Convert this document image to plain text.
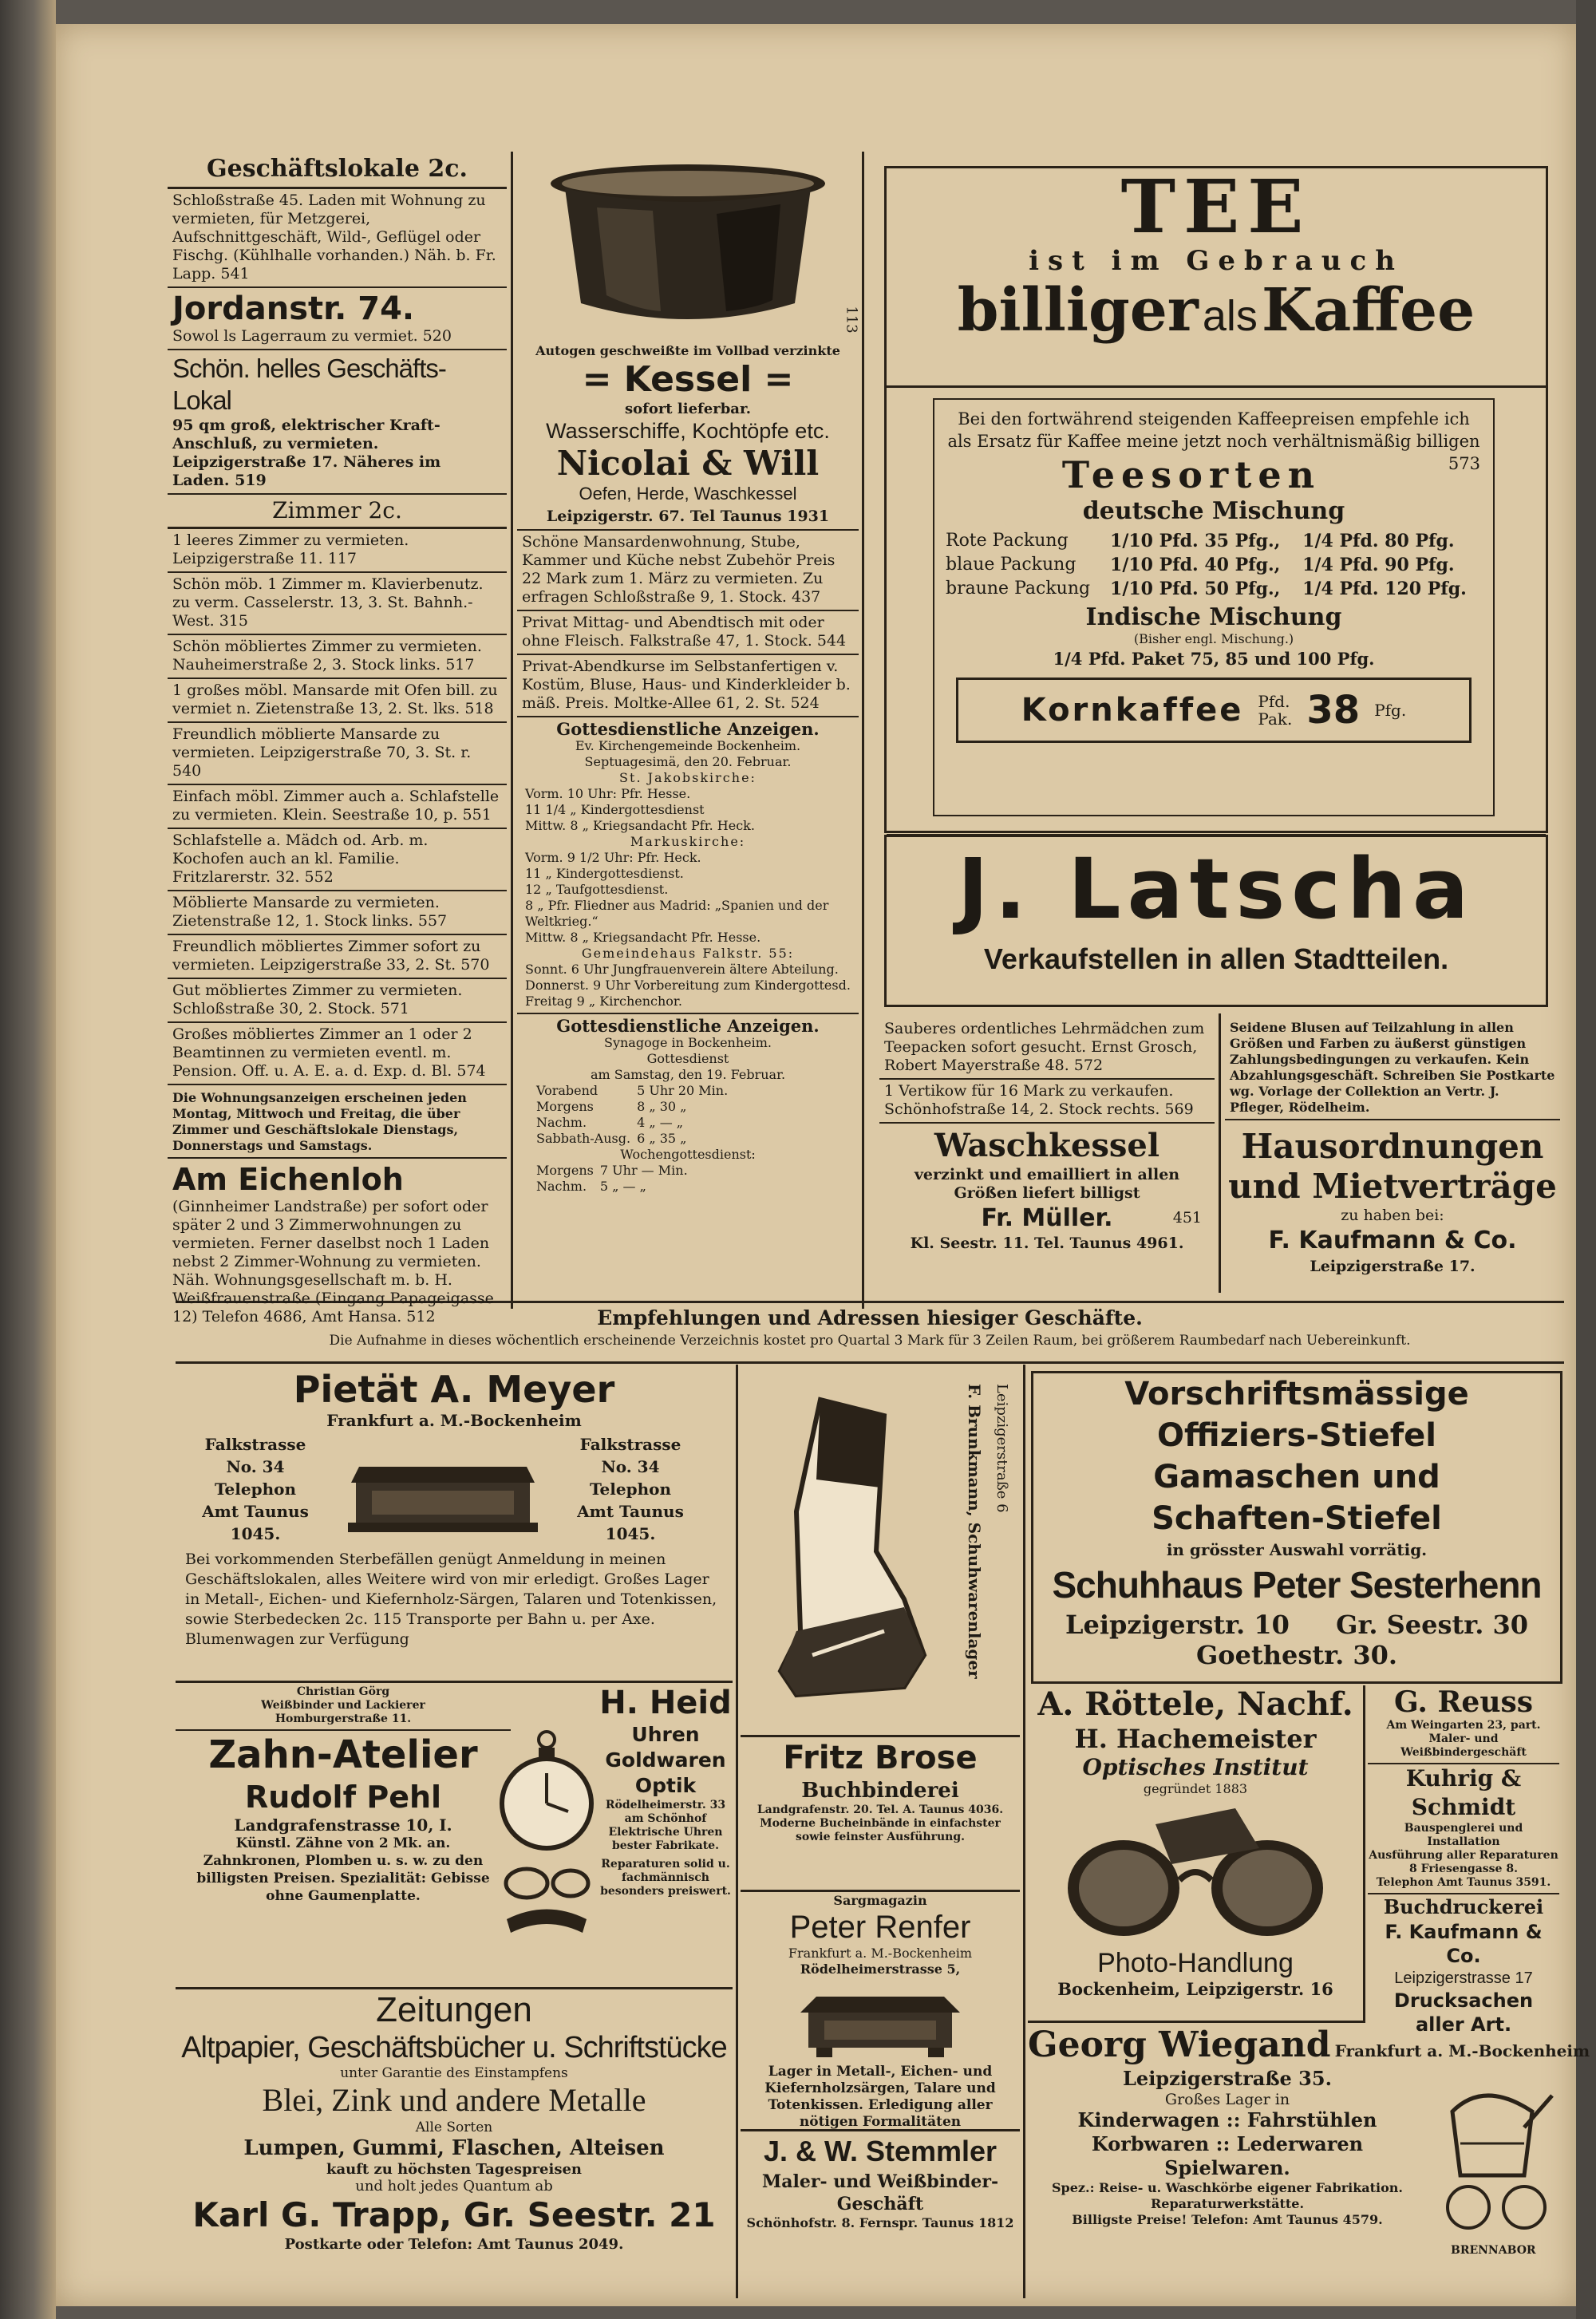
Geschäftslokale 2c.
Schloßstraße 45. Laden mit Wohnung zu vermieten, für Metzgerei, Aufschnittgeschäft, Wild-, Geflügel oder Fischg. (Kühlhalle vorhanden.) Näh. b. Fr. Lapp. 541
Jordanstr. 74.
Sowol ls Lagerraum zu vermiet. 520
Schön. helles Geschäfts-Lokal
95 qm groß, elektrischer Kraft-Anschluß, zu vermieten. Leipzigerstraße 17. Näheres im Laden. 519
Zimmer 2c.
1 leeres Zimmer zu vermieten. Leipzigerstraße 11. 117
Schön möb. 1 Zimmer m. Klavierbenutz. zu verm. Casselerstr. 13, 3. St. Bahnh.-West. 315
Schön möbliertes Zimmer zu vermieten. Nauheimerstraße 2, 3. Stock links. 517
1 großes möbl. Mansarde mit Ofen bill. zu vermiet n. Zietenstraße 13, 2. St. lks. 518
Freundlich möblierte Mansarde zu vermieten. Leipzigerstraße 70, 3. St. r. 540
Einfach möbl. Zimmer auch a. Schlafstelle zu vermieten. Klein. Seestraße 10, p. 551
Schlafstelle a. Mädch od. Arb. m. Kochofen auch an kl. Familie. Fritzlarerstr. 32. 552
Möblierte Mansarde zu vermieten. Zietenstraße 12, 1. Stock links. 557
Freundlich möbliertes Zimmer sofort zu vermieten. Leipzigerstraße 33, 2. St. 570
Gut möbliertes Zimmer zu vermieten. Schloßstraße 30, 2. Stock. 571
Großes möbliertes Zimmer an 1 oder 2 Beamtinnen zu vermieten eventl. m. Pension. Off. u. A. E. a. d. Exp. d. Bl. 574
Die Wohnungsanzeigen erscheinen jeden Montag, Mittwoch und Freitag, die über Zimmer und Geschäftslokale Dienstags, Donnerstags und Samstags.
Am Eichenloh
(Ginnheimer Landstraße) per sofort oder später 2 und 3 Zimmerwohnungen zu vermieten. Ferner daselbst noch 1 Laden nebst 2 Zimmer-Wohnung zu vermieten. Näh. Wohnungsgesellschaft m. b. H. Weißfrauenstraße (Eingang Papageigasse 12) Telefon 4686, Amt Hansa. 512
Autogen geschweißte im Vollbad verzinkte
= Kessel =
sofort lieferbar.
Wasserschiffe, Kochtöpfe etc.
Nicolai & Will
Oefen, Herde, Waschkessel
Leipzigerstr. 67. Tel Taunus 1931
Schöne Mansardenwohnung, Stube, Kammer und Küche nebst Zubehör Preis 22 Mark zum 1. März zu vermieten. Zu erfragen Schloßstraße 9, 1. Stock. 437
Privat Mittag- und Abendtisch mit oder ohne Fleisch. Falkstraße 47, 1. Stock. 544
Privat-Abendkurse im Selbstanfertigen v. Kostüm, Bluse, Haus- und Kinderkleider b. mäß. Preis. Moltke-Allee 61, 2. St. 524
Gottesdienstliche Anzeigen.
Ev. Kirchengemeinde Bockenheim.
Septuagesimä, den 20. Februar.
St. Jakobskirche:
Vorm. 10 Uhr: Pfr. Hesse.
11 1/4 „ Kindergottesdienst
Mittw. 8 „ Kriegsandacht Pfr. Heck.
Markuskirche:
Vorm. 9 1/2 Uhr: Pfr. Heck.
11 „ Kindergottesdienst.
12 „ Taufgottesdienst.
8 „ Pfr. Fliedner aus Madrid: „Spanien und der Weltkrieg.“
Mittw. 8 „ Kriegsandacht Pfr. Hesse.
Gemeindehaus Falkstr. 55:
Sonnt. 6 Uhr Jungfrauenverein ältere Abteilung.
Donnerst. 9 Uhr Vorbereitung zum Kindergottesd.
Freitag 9 „ Kirchenchor.
Gottesdienstliche Anzeigen.
Synagoge in Bockenheim.
Gottesdienst
am Samstag, den 19. Februar.
Vorabend	5 Uhr 20 Min.
Morgens	8 „ 30 „
Nachm.	4 „ — „
Sabbath-Ausg.	6 „ 35 „
Wochengottesdienst:
Morgens	7 Uhr — Min.
Nachm.	5 „ — „
113
TEE
ist im Gebrauch
billiger als Kaffee
Bei den fortwährend steigenden Kaffeepreisen empfehle ich als Ersatz für Kaffee meine jetzt noch verhältnismäßig billigen
573
Teesorten
deutsche Mischung
Rote Packung	1/10 Pfd. 35 Pfg.,	1/4 Pfd. 80 Pfg.
blaue Packung	1/10 Pfd. 40 Pfg.,	1/4 Pfd. 90 Pfg.
braune Packung	1/10 Pfd. 50 Pfg.,	1/4 Pfd. 120 Pfg.
Indische Mischung
(Bisher engl. Mischung.)
1/4 Pfd. Paket 75, 85 und 100 Pfg.
Kornkaffee Pfd.
Pak. 38 Pfg.
J. Latscha
Verkaufstellen in allen Stadtteilen.
Sauberes ordentliches Lehrmädchen zum Teepacken sofort gesucht. Ernst Grosch, Robert Mayerstraße 48. 572
1 Vertikow für 16 Mark zu verkaufen. Schönhofstraße 14, 2. Stock rechts. 569
Waschkessel
verzinkt und emailliert in allen Größen liefert billigst
Fr. Müller.	451
Kl. Seestr. 11. Tel. Taunus 4961.
Seidene Blusen auf Teilzahlung in allen Größen und Farben zu äußerst günstigen Zahlungsbedingungen zu verkaufen. Kein Abzahlungsgeschäft. Schreiben Sie Postkarte wg. Vorlage der Collektion an Vertr. J. Pfleger, Rödelheim.
Hausordnungen und Mietverträge
zu haben bei:
F. Kaufmann & Co.
Leipzigerstraße 17.
Empfehlungen und Adressen hiesiger Geschäfte.
Die Aufnahme in dieses wöchentlich erscheinende Verzeichnis kostet pro Quartal 3 Mark für 3 Zeilen Raum, bei größerem Raumbedarf nach Uebereinkunft.
Pietät A. Meyer
Frankfurt a. M.-Bockenheim
Falkstrasse
No. 34
Telephon
Amt Taunus 1045.
Falkstrasse
No. 34
Telephon
Amt Taunus 1045.
Bei vorkommenden Sterbefällen genügt Anmeldung in meinen Geschäftslokalen, alles Weitere wird von mir erledigt. Großes Lager in Metall-, Eichen- und Kiefernholz-Särgen, Talaren und Totenkissen, sowie Sterbedecken 2c. 115 Transporte per Bahn u. per Axe. Blumenwagen zur Verfügung
Christian Görg
Weißbinder und Lackierer
Homburgerstraße 11.
Zahn-Atelier
Rudolf Pehl
Landgrafenstrasse 10, I.
Künstl. Zähne von 2 Mk. an. Zahnkronen, Plomben u. s. w. zu den billigsten Preisen. Spezialität: Gebisse ohne Gaumenplatte.
H. Heid
Uhren
Goldwaren
Optik
Rödelheimerstr. 33 am Schönhof
Elektrische Uhren bester Fabrikate.
Reparaturen solid u. fachmännisch besonders preiswert.
Zeitungen
Altpapier, Geschäftsbücher u. Schriftstücke
unter Garantie des Einstampfens
Blei, Zink und andere Metalle
Alle Sorten
Lumpen, Gummi, Flaschen, Alteisen
kauft zu höchsten Tagespreisen
und holt jedes Quantum ab
Karl G. Trapp, Gr. Seestr. 21
Postkarte oder Telefon: Amt Taunus 2049.
F. Brunkmann, Schuhwarenlager Leipzigerstraße 6
Fritz Brose
Buchbinderei
Landgrafenstr. 20. Tel. A. Taunus 4036.
Moderne Bucheinbände in einfachster sowie feinster Ausführung.
Sargmagazin
Peter Renfer
Frankfurt a. M.-Bockenheim
Rödelheimerstrasse 5,
Lager in Metall-, Eichen- und Kiefernholzsärgen, Talare und Totenkissen. Erledigung aller nötigen Formalitäten
J. & W. Stemmler
Maler- und Weißbinder-Geschäft
Schönhofstr. 8. Fernspr. Taunus 1812
Vorschriftsmässige
Offiziers-Stiefel
Gamaschen und
Schaften-Stiefel
in grösster Auswahl vorrätig.
Schuhhaus Peter Sesterhenn
Leipzigerstr. 10 Gr. Seestr. 30
Goethestr. 30.
A. Röttele, Nachf.
H. Hachemeister
Optisches Institut
gegründet 1883
Photo-Handlung
Bockenheim, Leipzigerstr. 16
G. Reuss
Am Weingarten 23, part.
Maler- und Weißbindergeschäft
Kuhrig & Schmidt
Bauspenglerei und Installation
Ausführung aller Reparaturen
8 Friesengasse 8.
Telephon Amt Taunus 3591.
Buchdruckerei
F. Kaufmann & Co.
Leipzigerstrasse 17
Drucksachen aller Art.
Georg Wiegand Frankfurt a. M.-Bockenheim
Leipzigerstraße 35.
Großes Lager in
Kinderwagen :: Fahrstühlen
Korbwaren :: Lederwaren
Spielwaren.
Spez.: Reise- u. Waschkörbe eigener Fabrikation.
Reparaturwerkstätte.
Billigste Preise! Telefon: Amt Taunus 4579.
BRENNABOR
